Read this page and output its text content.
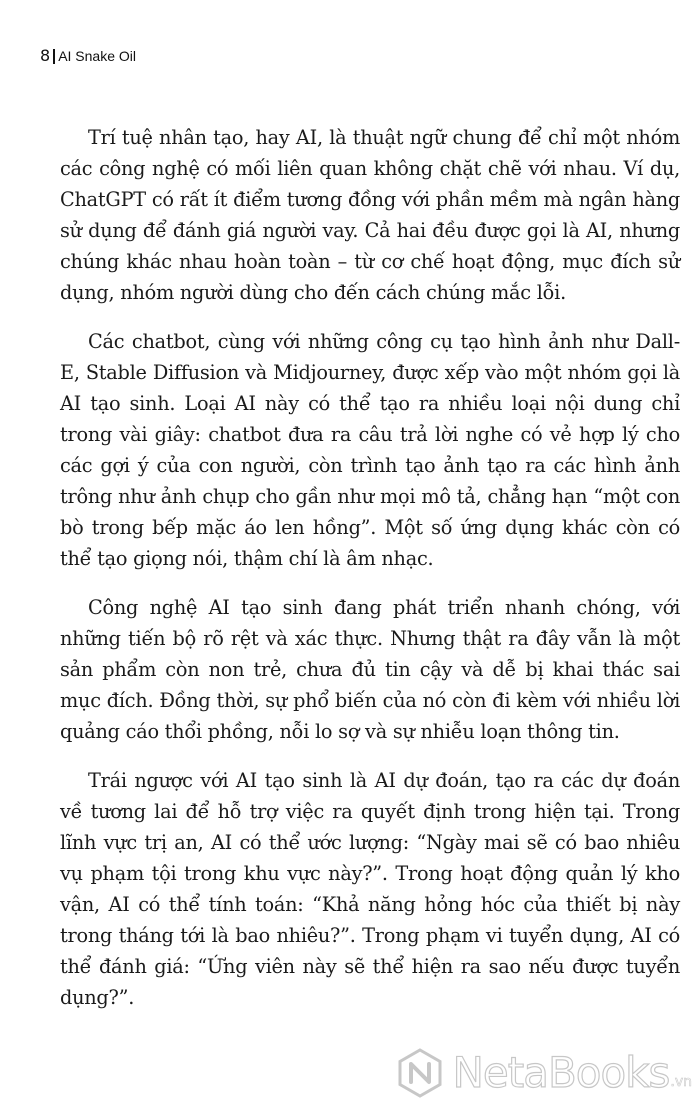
8 AI Snake Oil

Trí tuệ nhân tạo, hay AI, là thuật ngữ chung để chỉ một nhóm các công nghệ có mối liên quan không chặt chẽ với nhau. Ví dụ, ChatGPT có rất ít điểm tương đồng với phần mềm mà ngân hàng sử dụng để đánh giá người vay. Cả hai đều được gọi là AI, nhưng chúng khác nhau hoàn toàn – từ cơ chế hoạt động, mục đích sử dụng, nhóm người dùng cho đến cách chúng mắc lỗi.

Các chatbot, cùng với những công cụ tạo hình ảnh như Dall-E, Stable Diffusion và Midjourney, được xếp vào một nhóm gọi là AI tạo sinh. Loại AI này có thể tạo ra nhiều loại nội dung chỉ trong vài giây: chatbot đưa ra câu trả lời nghe có vẻ hợp lý cho các gợi ý của con người, còn trình tạo ảnh tạo ra các hình ảnh trông như ảnh chụp cho gần như mọi mô tả, chẳng hạn “một con bò trong bếp mặc áo len hồng”. Một số ứng dụng khác còn có thể tạo giọng nói, thậm chí là âm nhạc.

Công nghệ AI tạo sinh đang phát triển nhanh chóng, với những tiến bộ rõ rệt và xác thực. Nhưng thật ra đây vẫn là một sản phẩm còn non trẻ, chưa đủ tin cậy và dễ bị khai thác sai mục đích. Đồng thời, sự phổ biến của nó còn đi kèm với nhiều lời quảng cáo thổi phồng, nỗi lo sợ và sự nhiễu loạn thông tin.

Trái ngược với AI tạo sinh là AI dự đoán, tạo ra các dự đoán về tương lai để hỗ trợ việc ra quyết định trong hiện tại. Trong lĩnh vực trị an, AI có thể ước lượng: “Ngày mai sẽ có bao nhiêu vụ phạm tội trong khu vực này?”. Trong hoạt động quản lý kho vận, AI có thể tính toán: “Khả năng hỏng hóc của thiết bị này trong tháng tới là bao nhiêu?”. Trong phạm vi tuyển dụng, AI có thể đánh giá: “Ứng viên này sẽ thể hiện ra sao nếu được tuyển dụng?”.

NetaBooks .vn
